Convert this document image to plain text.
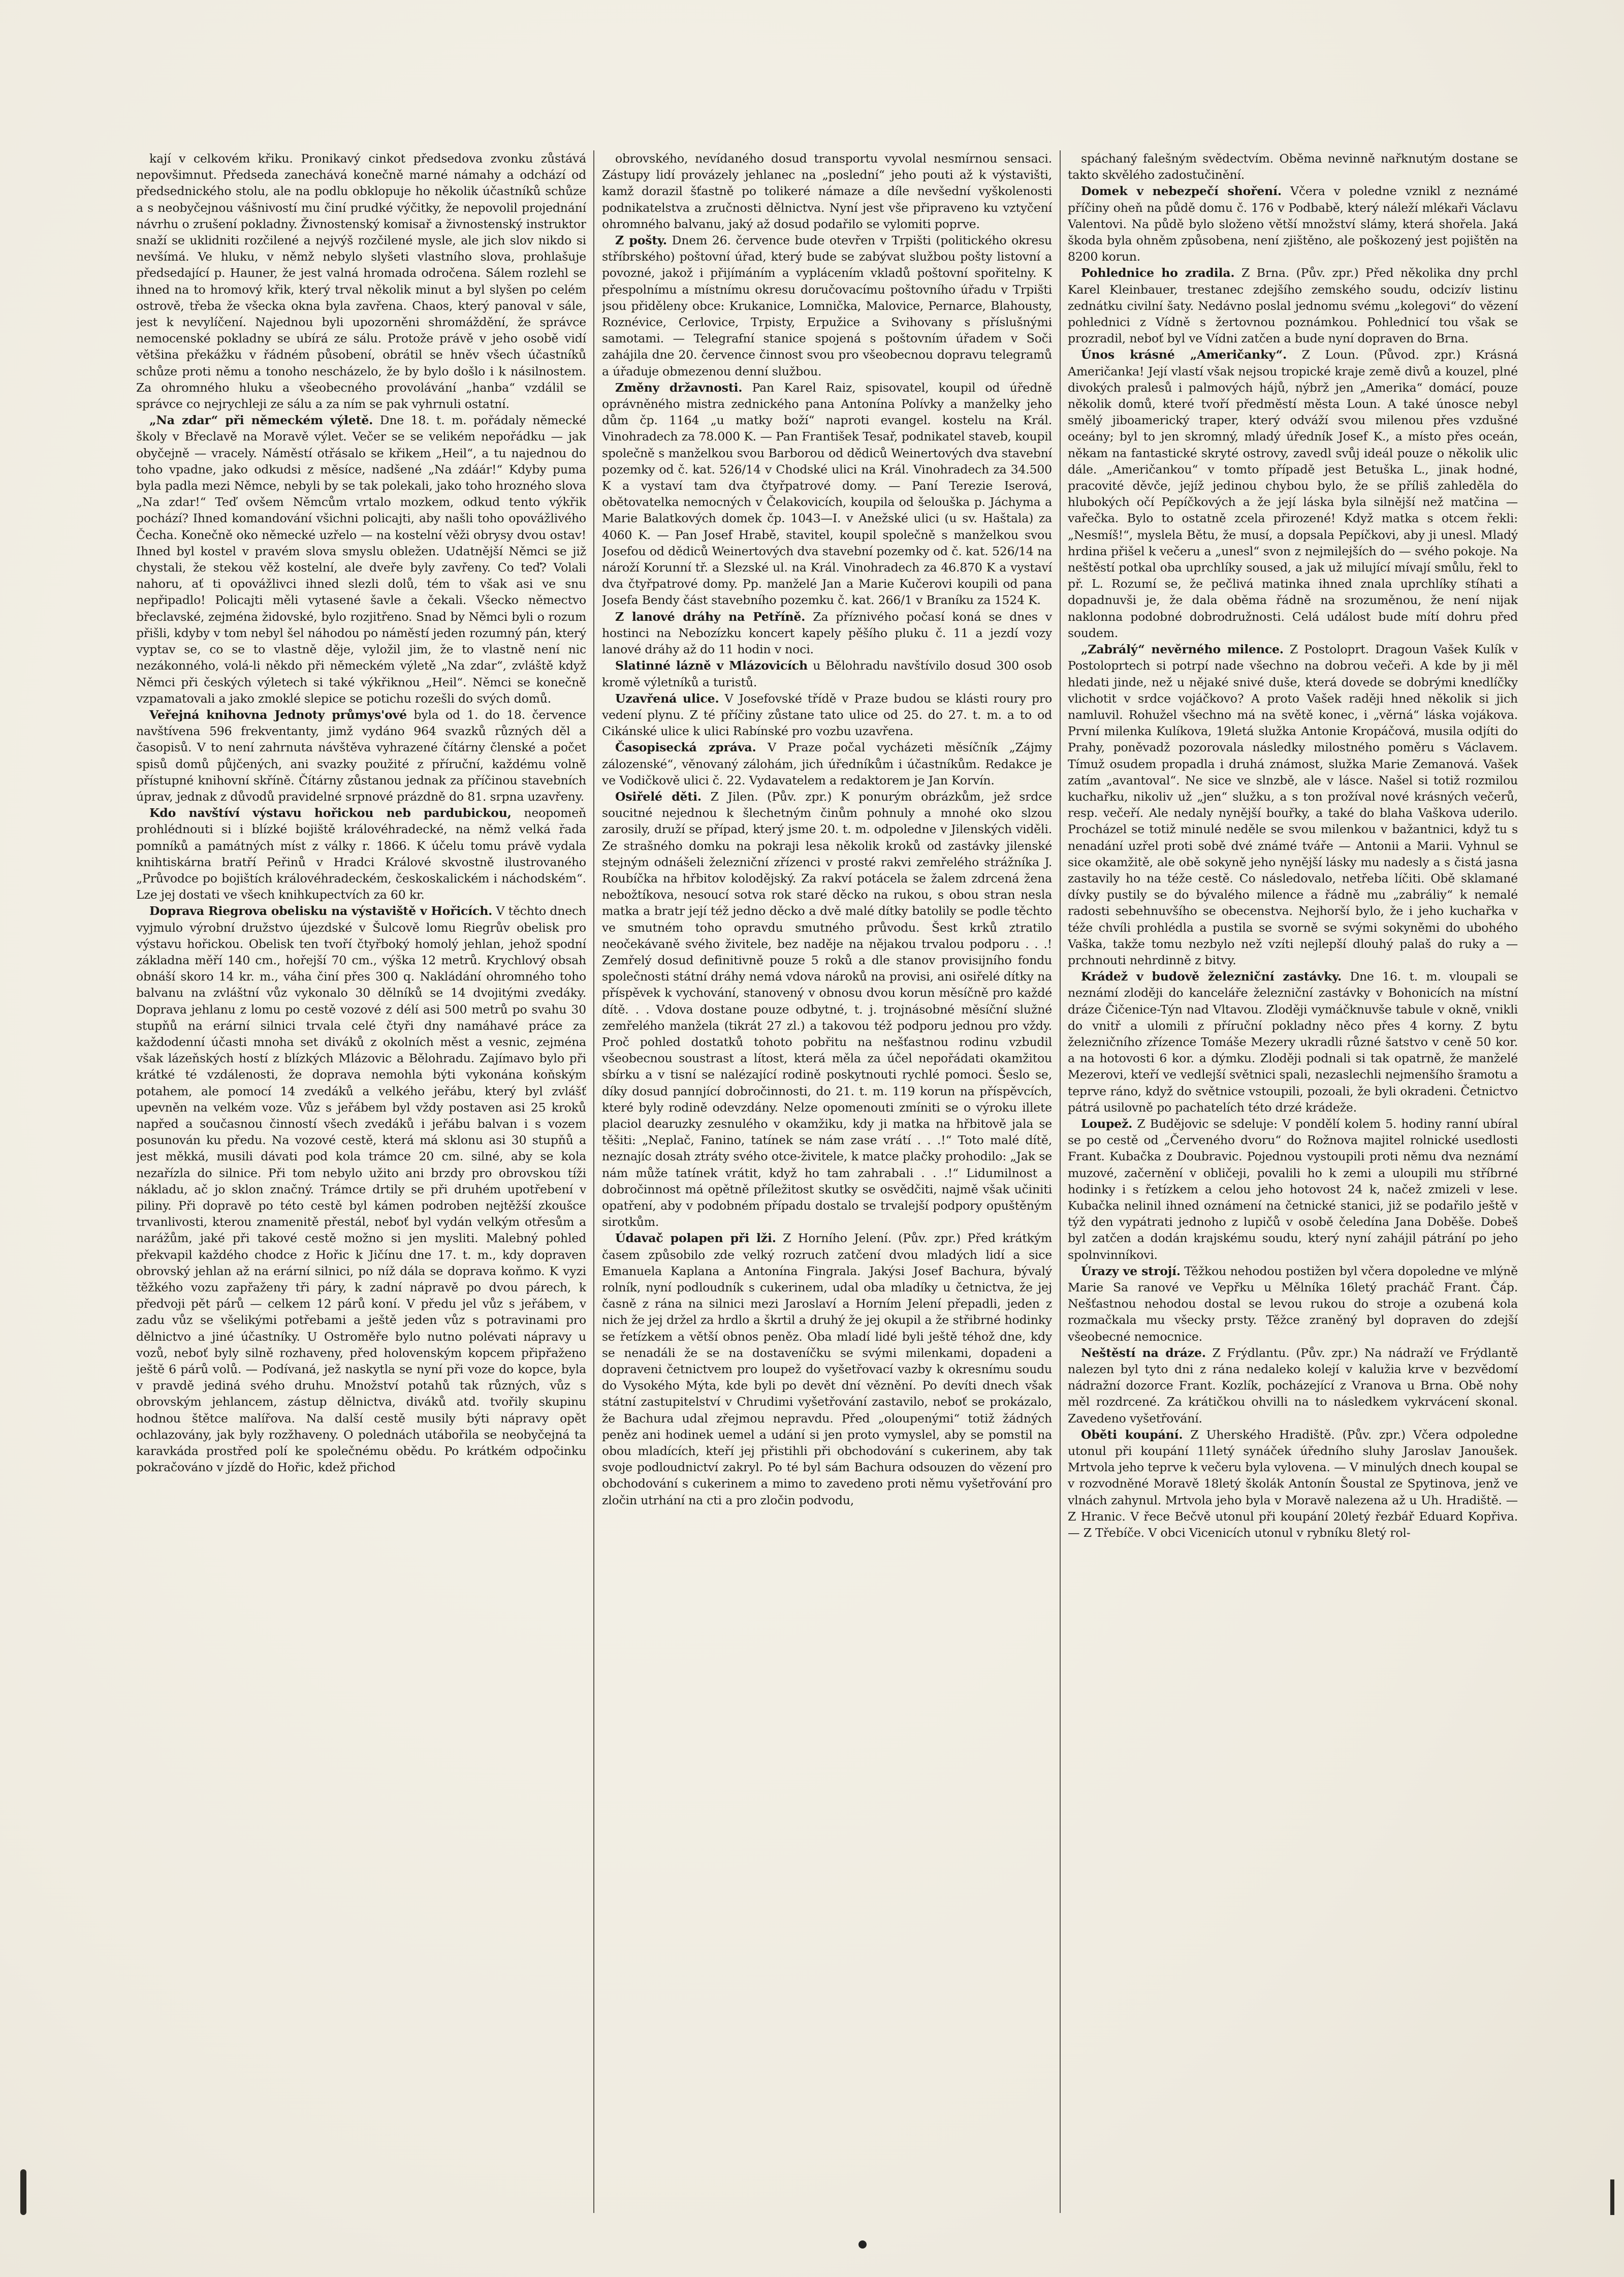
kají v celkovém křiku. Pronikavý cinkot předsedova zvonku zůstává nepovšimnut. Předseda zanechává konečně marné námahy a odchází od předsednického stolu, ale na podlu obklopuje ho několik účastníků schůze a s neobyčejnou vášnivostí mu činí prudké výčitky, že nepovolil projednání návrhu o zrušení pokladny. Živnostenský komisař a živnostenský instruktor snaží se uklidniti rozčilené a nejvýš rozčilené mysle, ale jich slov nikdo si nevšímá. Ve hluku, v němž nebylo slyšeti vlastního slova, prohlašuje předsedající p. Hauner, že jest valná hromada odročena. Sálem rozlehl se ihned na to hromový křik, který trval několik minut a byl slyšen po celém ostrově, třeba že všecka okna byla zavřena. Chaos, který panoval v sále, jest k nevylíčení. Najednou byli upozorněni shromáždění, že správce nemocenské pokladny se ubírá ze sálu. Protože právě v jeho osobě vidí většina překážku v řádném působení, obrátil se hněv všech účastníků schůze proti němu a tonoho nescházelo, že by bylo došlo i k násilnostem. Za ohromného hluku a všeobecného provolávání „hanba“ vzdálil se správce co nejrychleji ze sálu a za ním se pak vyhrnuli ostatní.

„Na zdar“ při německém výletě. Dne 18. t. m. pořádaly německé školy v Břeclavě na Moravě výlet. Večer se se velikém nepořádku — jak obyčejně — vracely. Náměstí otřásalo se křikem „Heil“, a tu najednou do toho vpadne, jako odkudsi z měsíce, nadšené „Na zdáár!“ Kdyby puma byla padla mezi Němce, nebyli by se tak polekali, jako toho hrozného slova „Na zdar!“ Teď ovšem Němcům vrtalo mozkem, odkud tento výkřik pochází? Ihned komandování všichni policajti, aby našli toho opovážlivého Čecha. Konečně oko německé uzřelo — na kostelní věži obrysy dvou ostav! Ihned byl kostel v pravém slova smyslu obležen. Udatnější Němci se již chystali, že stekou věž kostelní, ale dveře byly zavřeny. Co teď? Volali nahoru, ať ti opovážlivci ihned slezli dolů, tém to však asi ve snu nepřipadlo! Policajti měli vytasené šavle a čekali. Všecko němectvo břeclavské, zejména židovské, bylo rozjitřeno. Snad by Němci byli o rozum přišli, kdyby v tom nebyl šel náhodou po náměstí jeden rozumný pán, který vyptav se, co se to vlastně děje, vyložil jim, že to vlastně není nic nezákonného, volá-li někdo při německém výletě „Na zdar“, zvláště když Němci při českých výletech si také výkřiknou „Heil“. Němci se konečně vzpamatovali a jako zmoklé slepice se potichu rozešli do svých domů.

Veřejná knihovna Jednoty průmys'ové byla od 1. do 18. července navštívena 596 frekventanty, jimž vydáno 964 svazků různých děl a časopisů. V to není zahrnuta návštěva vyhrazené čítárny členské a počet spisů domů půjčených, ani svazky použité z příruční, každému volně přístupné knihovní skříně. Čítárny zůstanou jednak za příčinou stavebních úprav, jednak z důvodů pravidelné srpnové prázdně do 81. srpna uzavřeny.

Kdo navštíví výstavu hořickou neb pardubickou, neopomeň prohlédnouti si i blízké bojiště královéhradecké, na němž velká řada pomníků a památných míst z války r. 1866. K účelu tomu právě vydala knihtiskárna bratří Peřinů v Hradci Králové skvostně ilustrovaného „Průvodce po bojištích královéhradeckém, českoskalickém i náchodském“. Lze jej dostati ve všech knihkupectvích za 60 kr.

Doprava Riegrova obelisku na výstaviště v Hořicích. V těchto dnech vyjmulo výrobní družstvo újezdské v Šulcově lomu Riegrův obelisk pro výstavu hořickou. Obelisk ten tvoří čtyřboký homolý jehlan, jehož spodní základna měří 140 cm., hořejší 70 cm., výška 12 metrů. Krychlový obsah obnáší skoro 14 kr. m., váha činí přes 300 q. Nakládání ohromného toho balvanu na zvláštní vůz vykonalo 30 dělníků se 14 dvojitými zvedáky. Doprava jehlanu z lomu po cestě vozové z délí asi 500 metrů po svahu 30 stupňů na erární silnici trvala celé čtyři dny namáhavé práce za každodenní účasti mnoha set diváků z okolních měst a vesnic, zejména však lázeňských hostí z blízkých Mlázovic a Bělohradu. Zajímavo bylo při krátké té vzdálenosti, že doprava nemohla býti vykonána koňským potahem, ale pomocí 14 zvedáků a velkého jeřábu, který byl zvlášť upevněn na velkém voze. Vůz s jeřábem byl vždy postaven asi 25 kroků napřed a současnou činností všech zvedáků i jeřábu balvan i s vozem posunován ku předu. Na vozové cestě, která má sklonu asi 30 stupňů a jest měkká, musili dávati pod kola trámce 20 cm. silné, aby se kola nezařízla do silnice. Při tom nebylo užito ani brzdy pro obrovskou tíži nákladu, ač jo sklon značný. Trámce drtily se při druhém upotřebení v piliny. Při dopravě po této cestě byl kámen podroben nejtěžší zkoušce trvanlivosti, kterou znamenitě přestál, neboť byl vydán velkým otřesům a narážům, jaké při takové cestě možno si jen mysliti. Malebný pohled překvapil každého chodce z Hořic k Jičínu dne 17. t. m., kdy dopraven obrovský jehlan až na erární silnici, po níž dála se doprava koňmo. K vyzi těžkého vozu zapřaženy tři páry, k zadní nápravě po dvou párech, k předvoji pět párů — celkem 12 párů koní. V předu jel vůz s jeřábem, v zadu vůz se všelikými potřebami a ještě jeden vůz s potravinami pro dělnictvo a jiné účastníky. U Ostroměře bylo nutno polévati nápravy u vozů, neboť byly silně rozhaveny, před holovenským kopcem připřaženo ještě 6 párů volů. — Podívaná, jež naskytla se nyní při voze do kopce, byla v pravdě jediná svého druhu. Množství potahů tak různých, vůz s obrovským jehlancem, zástup dělnictva, diváků atd. tvořily skupinu hodnou štětce malířova. Na další cestě musily býti nápravy opět ochlazovány, jak byly rozžhaveny. O polednách utábořila se neobyčejná ta karavkáda prostřed polí ke společnému obědu. Po krátkém odpočinku pokračováno v jízdě do Hořic, kdež přichod

obrovského, nevídaného dosud transportu vyvolal nesmírnou sensaci. Zástupy lidí provázely jehlanec na „poslední“ jeho pouti až k výstavišti, kamž dorazil šťastně po tolikeré námaze a díle nevšední vyškolenosti podnikatelstva a zručnosti dělnictva. Nyní jest vše připraveno ku vztyčení ohromného balvanu, jaký až dosud podařilo se vylomiti poprve.

Z pošty. Dnem 26. července bude otevřen v Trpišti (politického okresu stříbrského) poštovní úřad, který bude se zabývat službou pošty listovní a povozné, jakož i přijímáním a vyplácením vkladů poštovní spořitelny. K přespolnímu a místnímu okresu doručovacímu poštovního úřadu v Trpišti jsou přiděleny obce: Krukanice, Lomnička, Malovice, Pernarce, Blahousty, Roznévice, Cerlovice, Trpisty, Erpužice a Svihovany s příslušnými samotami. — Telegrafní stanice spojená s poštovním úřadem v Soči zahájila dne 20. července činnost svou pro všeobecnou dopravu telegramů a úřadujе obmezenou denní službou.

Změny državnosti. Pan Karel Raiz, spisovatel, koupil od úředně oprávněného mistra zednického pana Antonína Polívky a manželky jeho dům čp. 1164 „u matky boží“ naproti evangel. kostelu na Král. Vinohradech za 78.000 K. — Pan František Tesař, podnikatel staveb, koupil společně s manželkou svou Barborou od dědiců Weinertových dva stavební pozemky od č. kat. 526/14 v Chodské ulici na Král. Vinohradech za 34.500 K a vystaví tam dva čtyřpatrové domy. — Paní Terezie Iserová, obětovatelka nemocných v Čelakovicích, koupila od šelouška p. Jáchyma a Marie Balatkových domek čp. 1043—I. v Anežské ulici (u sv. Haštala) za 4060 K. — Pan Josef Hrabě, stavitel, koupil společně s manželkou svou Josefou od dědiců Weinertových dva stavební pozemky od č. kat. 526/14 na nároží Korunní tř. a Slezské ul. na Král. Vinohradech za 46.870 K a vystaví dva čtyřpatrové domy. Pp. manželé Jan a Marie Kučerovi koupili od pana Josefa Bendy část stavebního pozemku č. kat. 266/1 v Braníku za 1524 K.

Z lanové dráhy na Petříně. Za příznivého počasí koná se dnes v hostinci na Nebozízku koncert kapely pěšího pluku č. 11 a jezdí vozy lanové dráhy až do 11 hodin v noci.

Slatinné lázně v Mlázovicích u Bělohradu navštívilo dosud 300 osob kromě výletníků a turistů.

Uzavřená ulice. V Josefovské třídě v Praze budou se klásti roury pro vedení plynu. Z té příčiny zůstane tato ulice od 25. do 27. t. m. a to od Cikánské ulice k ulici Rabínské pro vozbu uzavřena.

Časopisecká zpráva. V Praze počal vycházeti měsíčník „Zájmy zálozenské“, věnovaný zálohám, jich úředníkům i účastníkům. Redakce je ve Vodičkově ulici č. 22. Vydavatelem a redaktorem je Jan Korvín.

Osiřelé děti. Z Jilen. (Pův. zpr.) K ponurým obrázkům, jež srdce soucitné nejednou k šlechetným činům pohnuly a mnohé oko slzou zarosily, druží se případ, který jsme 20. t. m. odpoledne v Jilenských viděli. Ze strašného domku na pokraji lesa několik kroků od zastávky jilenské stejným odnášeli železniční zřízenci v prosté rakvi zemřelého strážníka J. Roubíčka na hřbitov kolodějský. Za rakví potácela se žalem zdrcená žena nebožtíkova, nesoucí sotva rok staré děcko na rukou, s obou stran nesla matka a bratr její též jedno děcko a dvě malé dítky batolily se podle těchto ve smutném toho opravdu smutného průvodu. Šest krků ztratilo neočekávaně svého živitele, bez naděje na nějakou trvalou podporu . . .! Zemřelý dosud definitivně pouze 5 roků a dle stanov provisijního fondu společnosti státní dráhy nemá vdova nároků na provisi, ani osiřelé dítky na příspěvek k vychování, stanovený v obnosu dvou korun měsíčně pro každé dítě. . . Vdova dostane pouze odbytné, t. j. trojnásobné měsíční služné zemřelého manžela (tikrát 27 zl.) a takovou též podporu jednou pro vždy. Proč pohled dostatků tohoto pobřitu na nešťastnou rodinu vzbudil všeobecnou soustrast a lítost, která měla za účel nepořádati okamžitou sbírku a v tisní se nalézající rodině poskytnouti rychlé pomoci. Šeslo se, díky dosud pannjící dobročinnosti, do 21. t. m. 119 korun na příspěvcích, které byly rodině odevzdány. Nelze opomenouti zmíniti se o výroku illete placiol dearuzky zesnulého v okamžiku, kdy ji matka na hřbitově jala se těšiti: „Neplač, Fanino, tatínek se nám zase vrátí . . .!“ Toto malé dítě, neznajíc dosah ztráty svého otce-živitele, k matce plačky prohodilo: „Jak se nám může tatínek vrátit, když ho tam zahrabali . . .!“ Lidumilnost a dobročinnost má opětně příležitost skutky se osvědčiti, najmě však učiniti opatření, aby v podobném případu dostalo se trvalejší podpory opuštěným sirotkům.

Údavač polapen při lži. Z Horního Jelení. (Pův. zpr.) Před krátkým časem způsobilo zde velký rozruch zatčení dvou mladých lidí a sice Emanuela Kaplana a Antonína Fingrala. Jakýsi Josef Bachura, bývalý rolník, nyní podloudník s cukerinem, udal oba mladíky u četnictva, že jej časně z rána na silnici mezi Jaroslaví a Horním Jelení přepadli, jeden z nich že jej držel za hrdlo a škrtil a druhý že jej okupil a že střibrné hodinky se řetízkem a větší obnos peněz. Oba mladí lidé byli ještě téhož dne, kdy se nenadáli že se na dostaveníčku se svými milenkami, dopadeni a dopraveni četnictvem pro loupež do vyšetřovací vazby k okresnímu soudu do Vysokého Mýta, kde byli po devět dní věznění. Po devíti dnech však státní zastupitelství v Chrudimi vyšetřování zastavilo, neboť se prokázalo, že Bachura udal zřejmou nepravdu. Před „oloupenými“ totiž žádných peněz ani hodinek uemel a udání si jen proto vymyslel, aby se pomstil na obou mladících, kteří jej přistihli při obchodování s cukerinem, aby tak svoje podloudnictví zakryl. Po té byl sám Bachura odsouzen do vězení pro obchodování s cukerinem a mimo to zavedeno proti němu vyšetřování pro zločin utrhání na cti a pro zločin podvodu,

spáchaný falešným svědectvím. Oběma nevinně nařknutým dostane se takto skvělého zadostučinění.

Domek v nebezpečí shoření. Včera v poledne vznikl z neznámé příčiny oheň na půdě domu č. 176 v Podbabě, který náleží mlékaři Václavu Valentovi. Na půdě bylo složeno větší množství slámy, která shořela. Jaká škoda byla ohněm způsobena, není zjištěno, ale poškozený jest pojištěn na 8200 korun.

Pohlednice ho zradila. Z Brna. (Pův. zpr.) Před několika dny prchl Karel Kleinbauer, trestanec zdejšího zemského soudu, odcizív listinu zednátku civilní šaty. Nedávno poslal jednomu svému „kolegovi“ do vězení pohlednici z Vídně s žertovnou poznámkou. Pohlednicí tou však se prozradil, neboť byl ve Vídni zatčen a bude nyní dopraven do Brna.

Únos krásné „Američanky“. Z Loun. (Původ. zpr.) Krásná Američanka! Její vlastí však nejsou tropické kraje země divů a kouzel, plné divokých pralesů i palmových hájů, nýbrž jen „Amerika“ domácí, pouze několik domů, které tvoří předměstí města Loun. A také únosce nebyl smělý jiboamerický traper, který odváží svou milenou přes vzdušné oceány; byl to jen skromný, mladý úředník Josef K., a místo přes oceán, někam na fantastické skryté ostrovy, zavedl svůj ideál pouze o několik ulic dále. „Američankou“ v tomto případě jest Betuška L., jinak hodné, pracovité děvče, jejíž jedinou chybou bylo, že se příliš zahleděla do hlubokých očí Pepíčkových a že její láska byla silnější než matčina — vařečka. Bylo to ostatně zcela přirozené! Když matka s otcem řekli: „Nesmíš!“, myslela Bětu, že musí, a dopsala Pepíčkovi, aby ji unesl. Mladý hrdina přišel k večeru a „unesl“ svon z nejmilejších do — svého pokoje. Na neštěstí potkal oba uprchlíky soused, a jak už milující mívají smůlu, řekl to př. L. Rozumí se, že pečlivá matinka ihned znala uprchlíky stíhati a dopadnuvši je, že dala oběma řádně na srozuměnou, že není nijak naklonna podobné dobrodružnosti. Celá událost bude mítí dohru před soudem.

„Zabrálý“ nevěrného milence. Z Postoloprt. Dragoun Vašek Kulík v Postoloprtech si potrpí nade všechno na dobrou večeři. A kde by ji měl hledati jinde, než u nějaké snivé duše, která dovede se dobrými knedlíčky vlichotit v srdce vojáčkovo? A proto Vašek raději hned několik si jich namluvil. Rohužel všechno má na světě konec, i „věrná“ láska vojákova. První milenka Kulíkova, 19letá služka Antonie Kropáčová, musila odjíti do Prahy, poněvadž pozorovala následky milostného poměru s Václavem. Tímuž osudem propadla i druhá známost, služka Marie Zemanová. Vašek zatím „avantoval“. Ne sice ve slnzbě, ale v lásce. Našel si totiž rozmilou kuchařku, nikoliv už „jen“ služku, a s ton prožíval nové krásných večerů, resp. večeří. Ale nedaly nynější bouřky, a také do blaha Vaškova uderilo. Procházel se totiž minulé neděle se svou milenkou v bažantnici, když tu s nenadání uzřel proti sobě dvé známé tváře — Antonii a Marii. Vyhnul se sice okamžitě, ale obě sokyně jeho nynější lásky mu nadesly a s čistá jasna zastavily ho na téže cestě. Co následovalo, netřeba líčiti. Obě sklamané dívky pustily se do bývalého milence a řádně mu „zabráliy“ k nemalé radosti sebehnuvšího se obecenstva. Nejhorší bylo, že i jeho kuchařka v téže chvíli prohlédla a pustila se svorně se svými sokyněmi do ubohého Vaška, takže tomu nezbylo než vzíti nejlepší dlouhý palaš do ruky a — prchnouti nehrdinně z bitvy.

Krádež v budově železniční zastávky. Dne 16. t. m. vloupali se neznámí zloději do kanceláře železniční zastávky v Bohonicích na místní dráze Čičenice-Týn nad Vltavou. Zloději vymáčknuvše tabule v okně, vnikli do vnitř a ulomili z příruční pokladny něco přes 4 korny. Z bytu železničního zřízence Tomáše Mezery ukradli různé šatstvo v ceně 50 kor. a na hotovosti 6 kor. a dýmku. Zloději podnali si tak opatrně, že manželé Mezerovi, kteří ve vedlejší světnici spali, nezaslechli nejmenšího šramotu a teprve ráno, když do světnice vstoupili, pozoali, že byli okradeni. Četnictvo pátrá usilovně po pachatelích této drzé krádeže.

Loupež. Z Budějovic se sdeluje: V pondělí kolem 5. hodiny ranní ubíral se po cestě od „Červeného dvoru“ do Rožnova majitel rolnické usedlosti Frant. Kubačka z Doubravic. Pojednou vystoupili proti němu dva neznámí muzové, začernění v obličeji, povalili ho k zemi a uloupili mu stříbrné hodinky i s řetízkem a celou jeho hotovost 24 k, načež zmizeli v lese. Kubačka nelinil ihned oznámení na četnické stanici, již se podařilo ještě v týž den vypátrati jednoho z lupičů v osobě čeledína Jana Doběše. Dobeš byl zatčen a dodán krajskému soudu, který nyní zahájil pátrání po jeho spolnvinníkovi.

Úrazy ve strojí. Těžkou nehodou postižen byl včera dopoledne ve mlýně Marie Sa ranové ve Vepřku u Mělníka 16letý pracháč Frant. Čáp. Nešťastnou nehodou dostal se levou rukou do stroje a ozubená kola rozmačkala mu všecky prsty. Těžce zraněný byl dopraven do zdejší všeobecné nemocnice.

Neštěstí na dráze. Z Frýdlantu. (Pův. zpr.) Na nádraží ve Frýdlantě nalezen byl tyto dni z rána nedaleko kolejí v kalužia krve v bezvědomí nádražní dozorce Frant. Kozlík, pocházející z Vranova u Brna. Obě nohy měl rozdrcené. Za krátičkou ohvilli na to následkem vykrvácení skonal. Zavedeno vyšetřování.

Oběti koupání. Z Uherského Hradiště. (Pův. zpr.) Včera odpoledne utonul při koupání 11letý synáček úředního sluhy Jaroslav Janoušek. Mrtvola jeho teprve k večeru byla vylovena. — V minulých dnech koupal se v rozvodněné Moravě 18letý školák Antonín Šoustal ze Spytinova, jenž ve vlnách zahynul. Mrtvola jeho byla v Moravě nalezena až u Uh. Hradiště. — Z Hranic. V řece Bečvě utonul při koupání 20letý řezbář Eduard Kopřiva. — Z Třebíče. V obci Vicenicích utonul v rybníku 8letý rol-
